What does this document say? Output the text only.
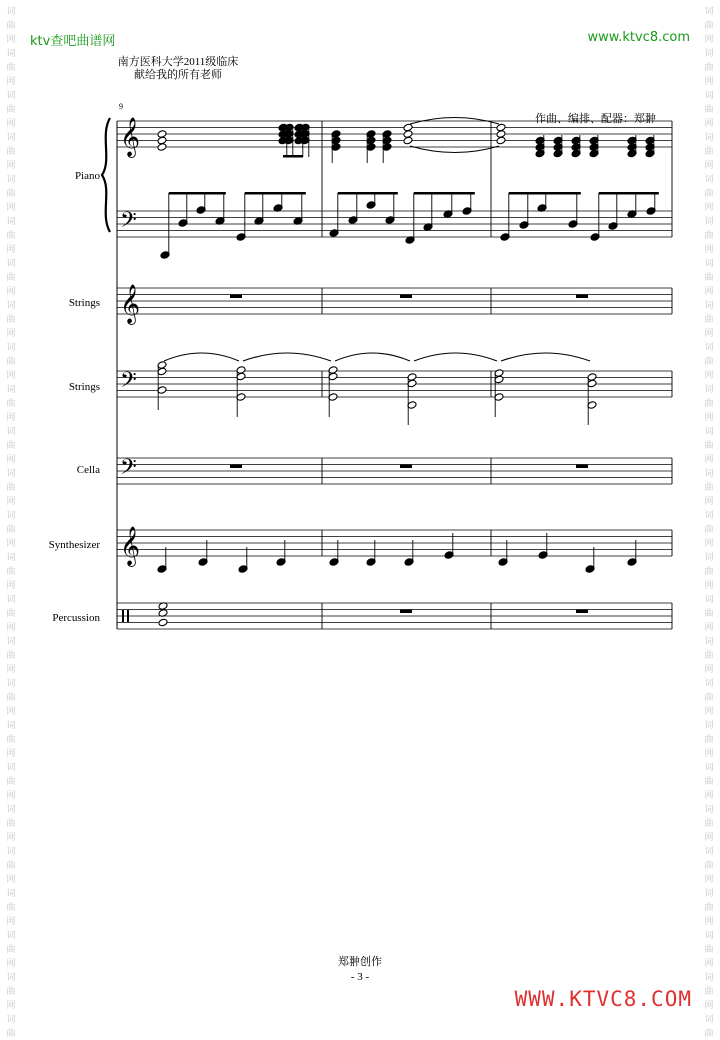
词
曲
网
词
曲
网
词
曲
网
词
曲
网
词
曲
网
词
曲
网
词
曲
网
词
曲
网
词
曲
网
词
曲
网
词
曲
网
词
曲
网
词
曲
网
词
曲
网
词
曲
网
词
曲
网
词
曲
网
词
曲
网
词
曲
网
词
曲
网
词
曲
网
词
曲
网
词
曲
网
词
曲
网
词
曲
词
曲
网
词
曲
网
词
曲
网
词
曲
网
词
曲
网
词
曲
网
词
曲
网
词
曲
网
词
曲
网
词
曲
网
词
曲
网
词
曲
网
词
曲
网
词
曲
网
词
曲
网
词
曲
网
词
曲
网
词
曲
网
词
曲
网
词
曲
网
词
曲
网
词
曲
网
词
曲
网
词
曲
网
词
曲
ktv查吧曲谱网	www.ktvc8.com
南方医科大学2011级临床
献给我的所有老师
𝄞
𝄢
𝄞
𝄢
𝄢
𝄞
9
作曲、编排、配器：郑翀
Piano
Strings
Strings
Cella
Synthesizer
Percussion
郑翀创作
- 3 -
WWW.KTVC8.COM
